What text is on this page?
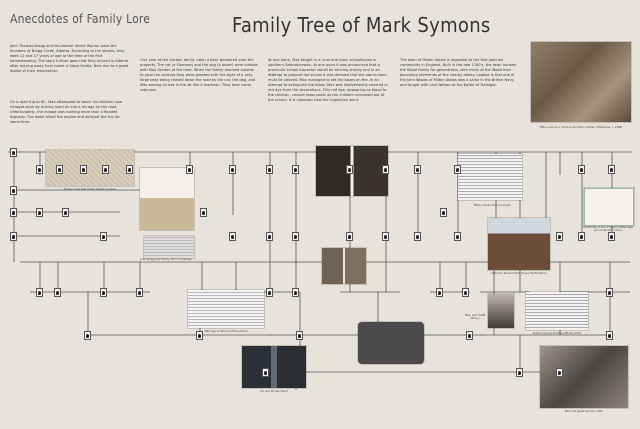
Anecdotes of Family Lore	Family Tree of Mark Symons
John Thomas Bragg and his brother Albert Warren were the founders of Bragg Creek, Alberta. According to the stories, they were 12 and 17 years of age at the time of the first homesteading. The story further goes that they arrived in Alberta after moving away from home in Nova Scotia. Nels due to a great dislike of their stepmother.
On a road trip to BC, Max attempted to teach his children how mirages work by driving head on into a mirage on the road. Unfortunately, the mirage was nothing more than a flooded highway. The water killed the engine and delayed the trip for some time.
One year at the Gordon family cabin a bear wandered onto the property. The cat (a Siamese) and the dog (a boxer) were outside with Max Gordon at the time. When the family stormed outside to save the animals they were greeted with the sight of a very large bear being chased down the road by the cat, the dog, and Max waving an axe in the air like a madman. They bear never returned.
At one point, Max taught in a rural one-room schoolhouse in southern Saskatchewan. At one point it was announced that a provincial school inspector would be arriving shortly and in an attempt to prepare the school it was decided that the storm-room must be cleared. Max managed to set the boxes on fire. In an attempt to extinguish the blaze, Max was inadvertently covered in red dye from the decorations. This red dye, appearing as blood to the children, caused mass panic as the children screamed out of the school. It is unknown how the inspection went.
The town of Milton Abbas is regarded as the first planned community in England. Built in the late 1700's, the town housed the Wood family for generations, with many of the Wood men becoming reverends at the nearby abbey. Legend is that one of the John Woods of Milton Abbas was a sailor in the British Navy, and fought with Lord Nelson at the Battle of Trafalgar.
Milton and Lucy Symons and their children (Christmas, c. 1908)
Bragg Creek Brand Map Oldest Location
John Bragg and Family 1877, Christmas
Certificate of Ann's Diamond/Marriage (Ann & Bertie's Union)
Meldrum Street Public House Bedfordshire
Marriage of Reid and Elene Wood
Max, April 1948 (Berry)
Robert Symons Birth Certificate 1925
Jim and Shirley Wood
Bert and Jessie Symons 1927
Milton Abbas Church Dorset
